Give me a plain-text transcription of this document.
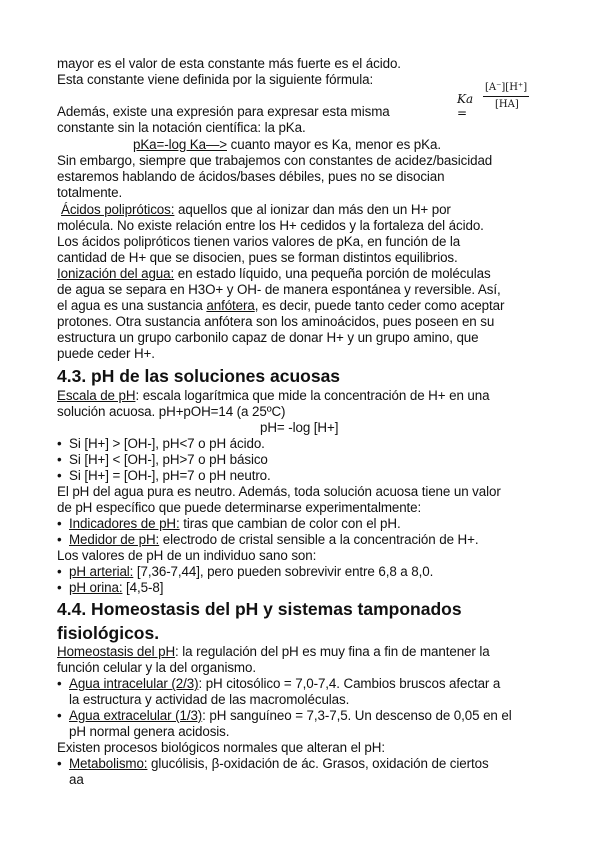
mayor es el valor de esta constante más fuerte es el ácido.
Esta constante viene definida por la siguiente fórmula:
Ka =
[A⁻][H⁺]
[HA]
Además, existe una expresión para expresar esta misma
constante sin la notación científica: la pKa.
pKa=-log Ka—> cuanto mayor es Ka, menor es pKa.
Sin embargo, siempre que trabajemos con constantes de acidez/basicidad
estaremos hablando de ácidos/bases débiles, pues no se disocian
totalmente.
Ácidos polipróticos: aquellos que al ionizar dan más den un H+ por
molécula. No existe relación entre los H+ cedidos y la fortaleza del ácido.
Los ácidos polipróticos tienen varios valores de pKa, en función de la
cantidad de H+ que se disocien, pues se forman distintos equilibrios.
Ionización del agua: en estado líquido, una pequeña porción de moléculas
de agua se separa en H3O+ y OH- de manera espontánea y reversible. Así,
el agua es una sustancia anfótera, es decir, puede tanto ceder como aceptar
protones. Otra sustancia anfótera son los aminoácidos, pues poseen en su
estructura un grupo carbonilo capaz de donar H+ y un grupo amino, que
puede ceder H+.
4.3. pH de las soluciones acuosas
Escala de pH: escala logarítmica que mide la concentración de H+ en una
solución acuosa. pH+pOH=14 (a 25ºC)
pH= -log [H+]
• Si [H+] > [OH-], pH<7 o pH ácido.
• Si [H+] < [OH-], pH>7 o pH básico
• Si [H+] = [OH-], pH=7 o pH neutro.
El pH del agua pura es neutro. Además, toda solución acuosa tiene un valor
de pH específico que puede determinarse experimentalmente:
• Indicadores de pH: tiras que cambian de color con el pH.
• Medidor de pH: electrodo de cristal sensible a la concentración de H+.
Los valores de pH de un individuo sano son:
• pH arterial: [7,36-7,44], pero pueden sobrevivir entre 6,8 a 8,0.
• pH orina: [4,5-8]
4.4. Homeostasis del pH y sistemas tamponados
fisiológicos.
Homeostasis del pH: la regulación del pH es muy fina a fin de mantener la
función celular y la del organismo.
• Agua intracelular (2/3): pH citosólico = 7,0-7,4. Cambios bruscos afectar a
la estructura y actividad de las macromoléculas.
• Agua extracelular (1/3): pH sanguíneo = 7,3-7,5. Un descenso de 0,05 en el
pH normal genera acidosis.
Existen procesos biológicos normales que alteran el pH:
• Metabolismo: glucólisis, β-oxidación de ác. Grasos, oxidación de ciertos
aa
